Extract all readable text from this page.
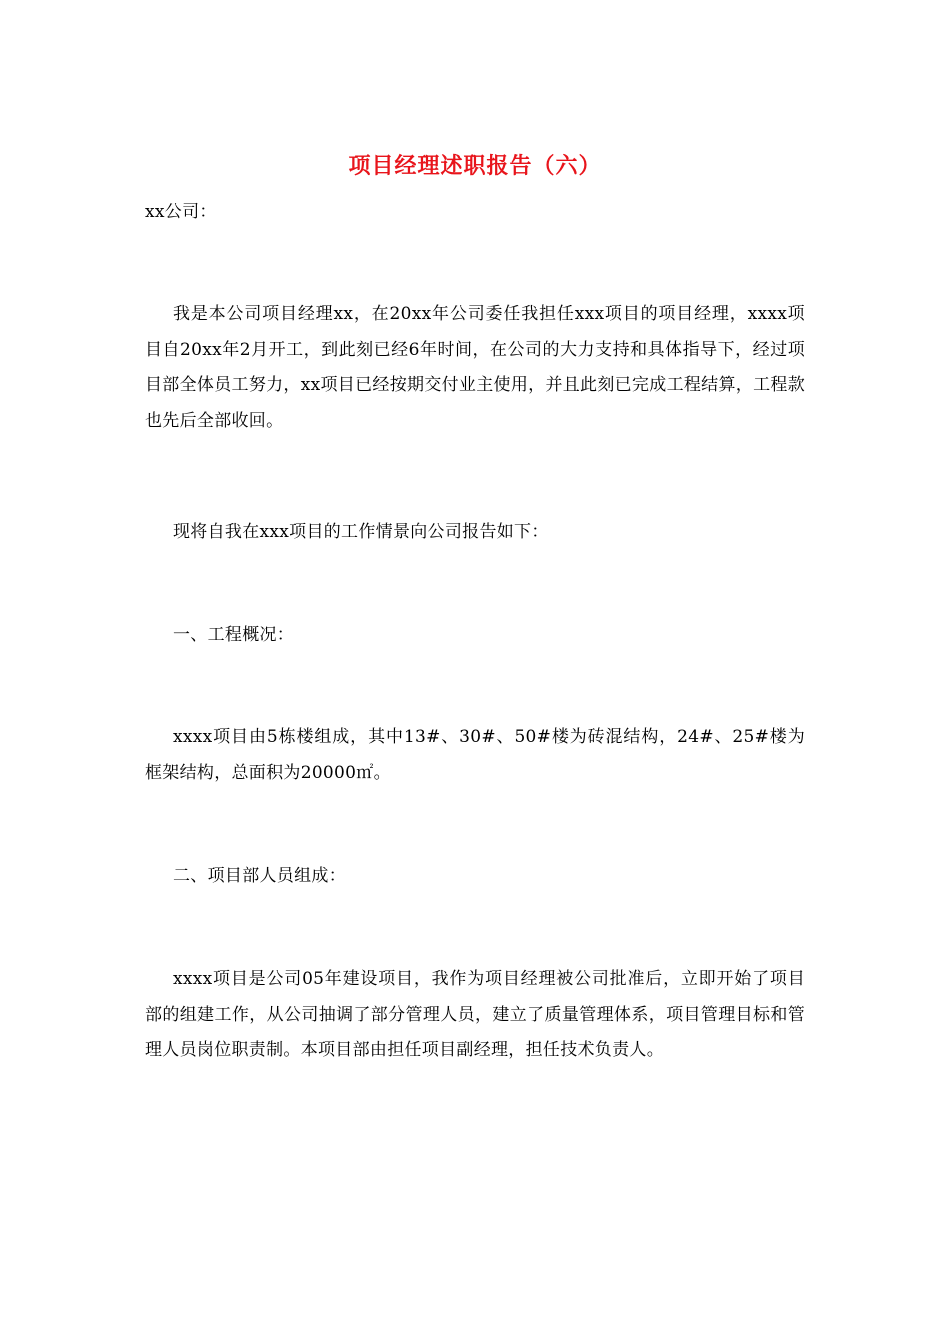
项目经理述职报告（六）
xx公司：
我是本公司项目经理xx，在20xx年公司委任我担任xxx项目的项目经理，xxxx项目自20xx年2月开工，到此刻已经6年时间，在公司的大力支持和具体指导下，经过项目部全体员工努力，xx项目已经按期交付业主使用，并且此刻已完成工程结算，工程款也先后全部收回。
现将自我在xxx项目的工作情景向公司报告如下：
一、工程概况：
xxxx项目由5栋楼组成，其中13#、30#、50#楼为砖混结构，24#、25#楼为框架结构，总面积为20000㎡。
二、项目部人员组成：
xxxx项目是公司05年建设项目，我作为项目经理被公司批准后，立即开始了项目部的组建工作，从公司抽调了部分管理人员，建立了质量管理体系，项目管理目标和管理人员岗位职责制。本项目部由担任项目副经理，担任技术负责人。
